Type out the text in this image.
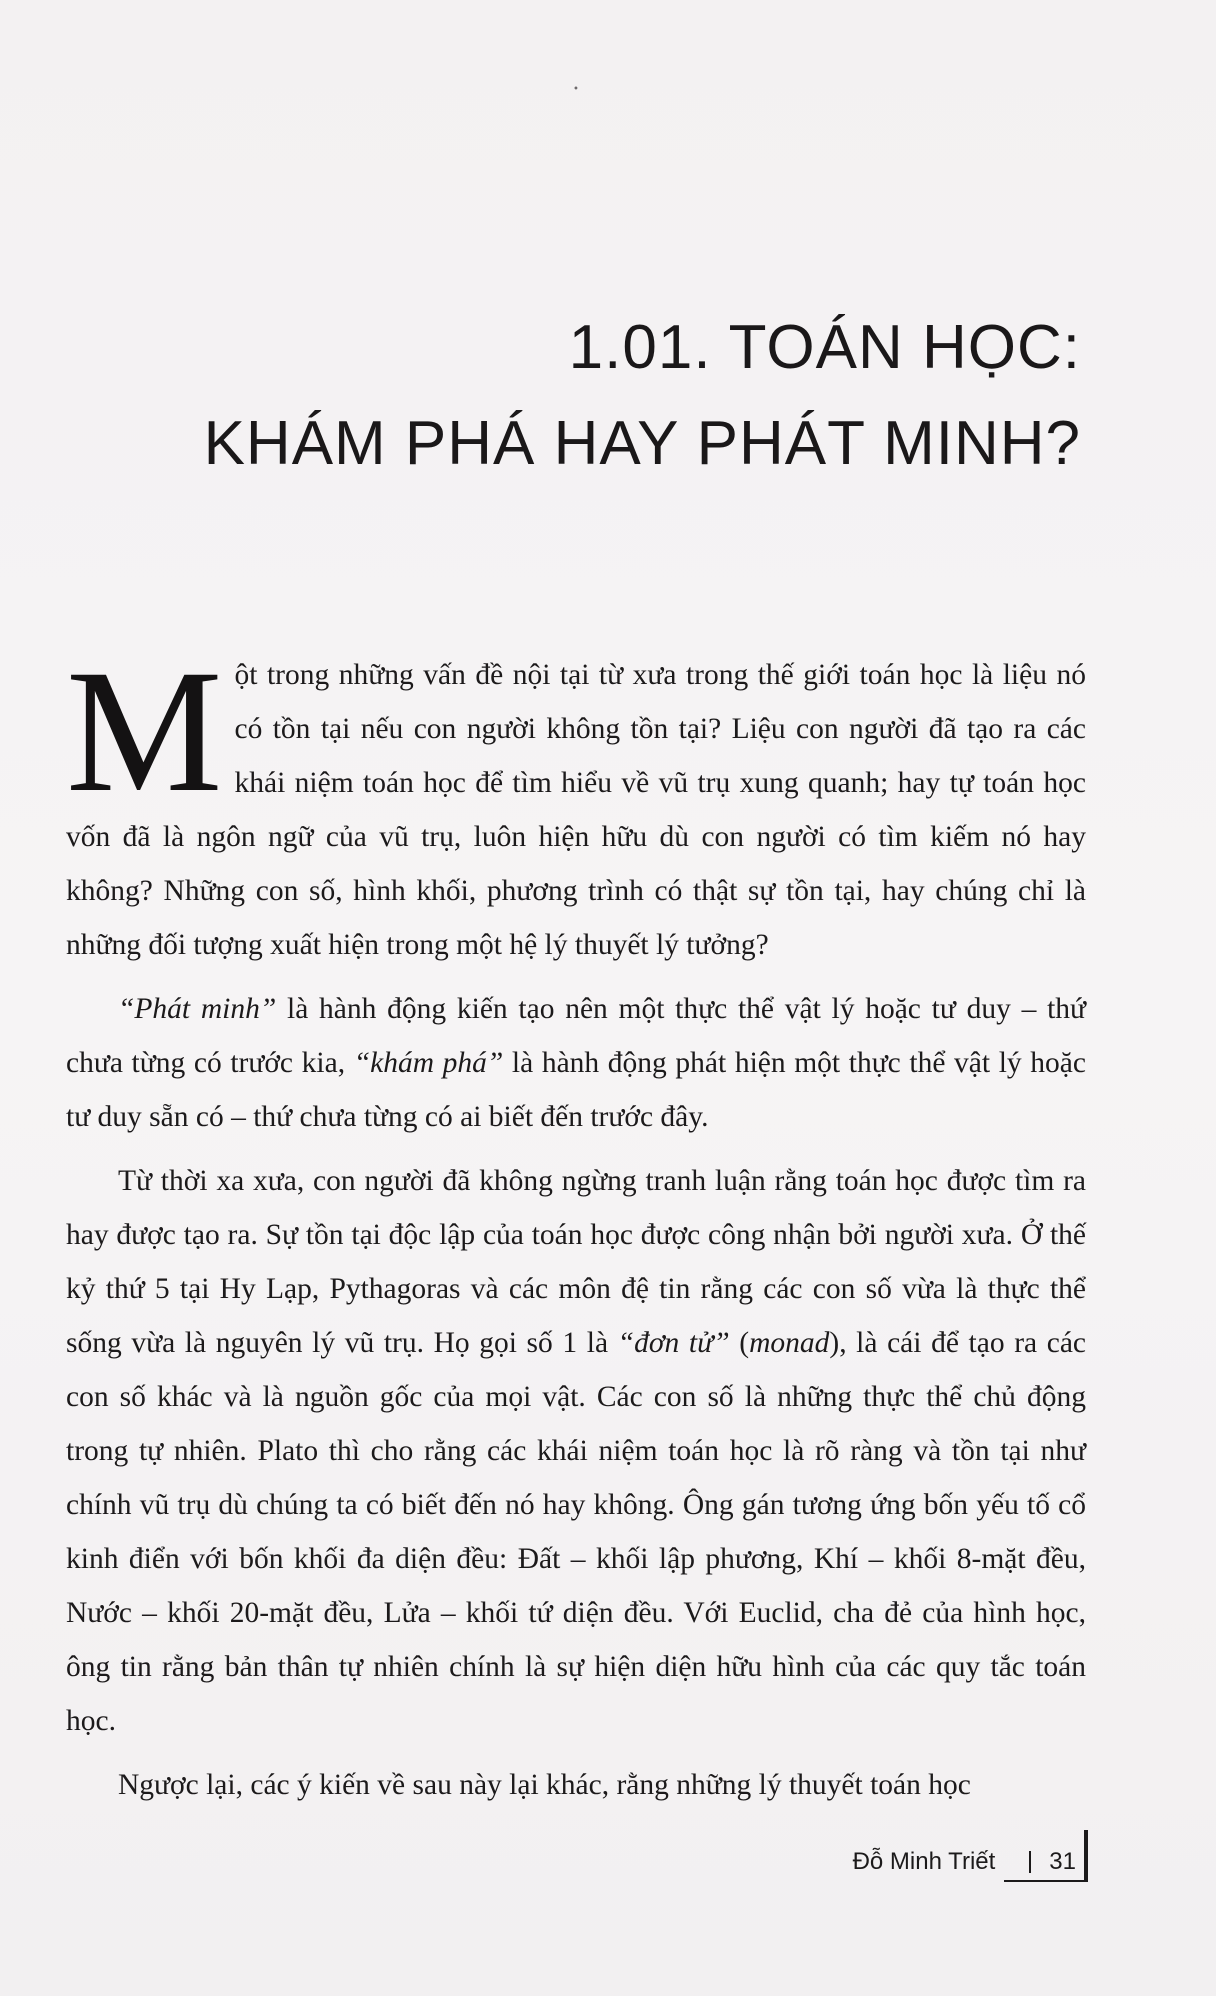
•

1.01. TOÁN HỌC:
KHÁM PHÁ HAY PHÁT MINH?

Một trong những vấn đề nội tại từ xưa trong thế giới toán học là liệu nó có tồn tại nếu con người không tồn tại? Liệu con người đã tạo ra các khái niệm toán học để tìm hiểu về vũ trụ xung quanh; hay tự toán học vốn đã là ngôn ngữ của vũ trụ, luôn hiện hữu dù con người có tìm kiếm nó hay không? Những con số, hình khối, phương trình có thật sự tồn tại, hay chúng chỉ là những đối tượng xuất hiện trong một hệ lý thuyết lý tưởng?

“Phát minh” là hành động kiến tạo nên một thực thể vật lý hoặc tư duy – thứ chưa từng có trước kia, “khám phá” là hành động phát hiện một thực thể vật lý hoặc tư duy sẵn có – thứ chưa từng có ai biết đến trước đây.

Từ thời xa xưa, con người đã không ngừng tranh luận rằng toán học được tìm ra hay được tạo ra. Sự tồn tại độc lập của toán học được công nhận bởi người xưa. Ở thế kỷ thứ 5 tại Hy Lạp, Pythagoras và các môn đệ tin rằng các con số vừa là thực thể sống vừa là nguyên lý vũ trụ. Họ gọi số 1 là “đơn tử” (monad), là cái để tạo ra các con số khác và là nguồn gốc của mọi vật. Các con số là những thực thể chủ động trong tự nhiên. Plato thì cho rằng các khái niệm toán học là rõ ràng và tồn tại như chính vũ trụ dù chúng ta có biết đến nó hay không. Ông gán tương ứng bốn yếu tố cổ kinh điển với bốn khối đa diện đều: Đất – khối lập phương, Khí – khối 8-mặt đều, Nước – khối 20-mặt đều, Lửa – khối tứ diện đều. Với Euclid, cha đẻ của hình học, ông tin rằng bản thân tự nhiên chính là sự hiện diện hữu hình của các quy tắc toán học.

Ngược lại, các ý kiến về sau này lại khác, rằng những lý thuyết toán học

Đỗ Minh Triết 31
